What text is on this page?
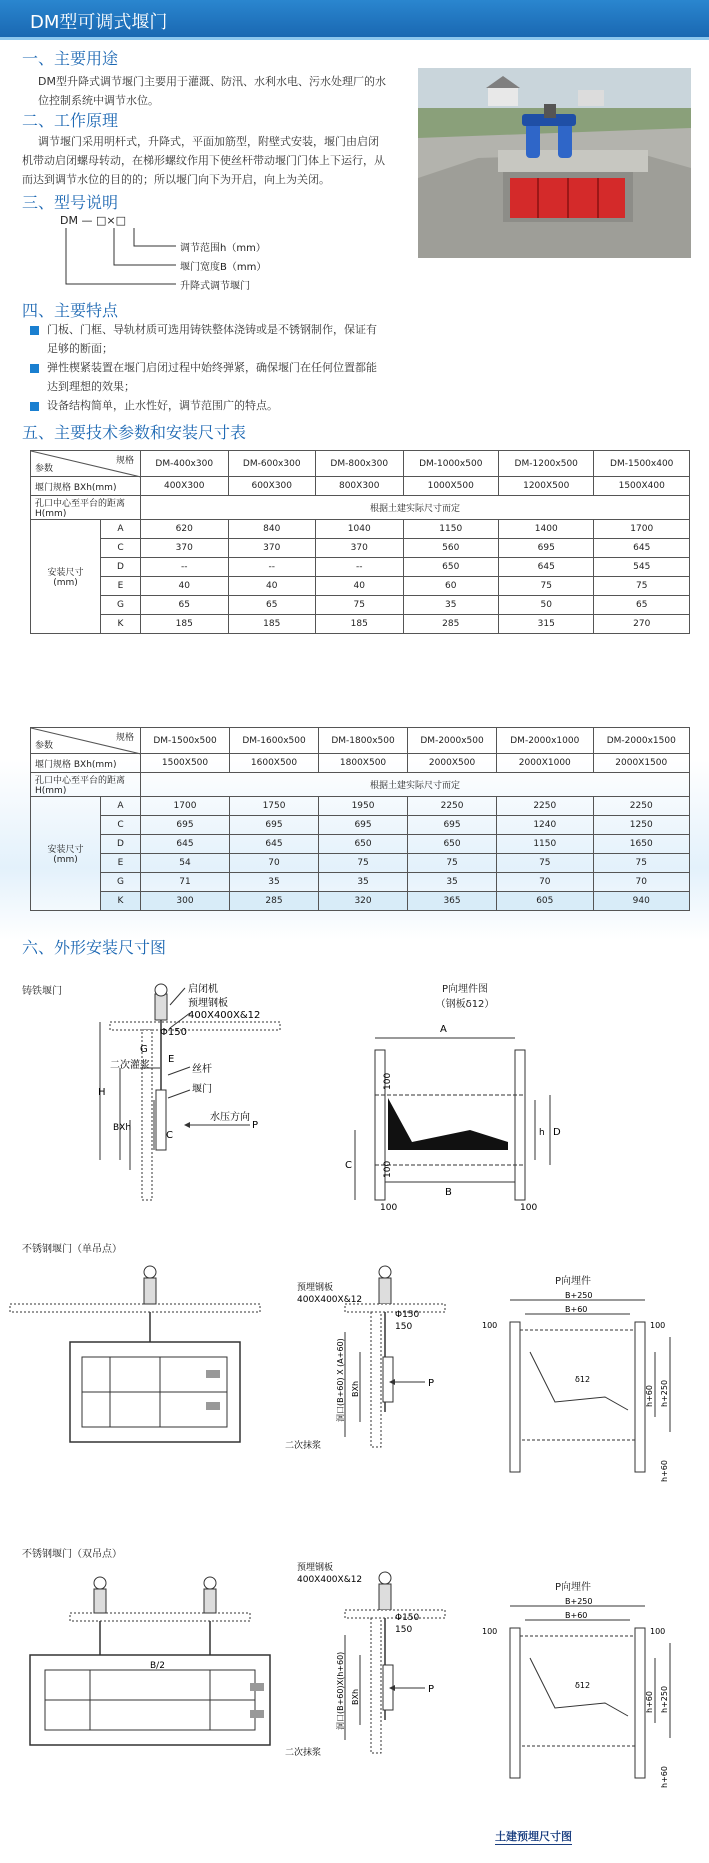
DM型可调式堰门
一、主要用途
DM型升降式调节堰门主要用于灌溉、防汛、水利水电、污水处理厂的水
位控制系统中调节水位。
二、工作原理
调节堰门采用明杆式，升降式，平面加筋型，附壁式安装，堰门由启闭
机带动启闭螺母转动，在梯形螺纹作用下使丝杆带动堰门门体上下运行，从
而达到调节水位的目的的；所以堰门向下为开启，向上为关闭。
三、型号说明
DM — □×□
调节范围h（mm）
堰门宽度B（mm）
升降式调节堰门
四、主要特点
门板、门框、导轨材质可选用铸铁整体浇铸或是不锈钢制作，保证有
足够的断面；
弹性楔紧装置在堰门启闭过程中始终弹紧，确保堰门在任何位置都能
达到理想的效果；
设备结构简单，止水性好，调节范围广的特点。
五、主要技术参数和安装尺寸表
规格
参数		DM-400x300	DM-600x300	DM-800x300	DM-1000x500	DM-1200x500	DM-1500x400
堰门规格 BXh(mm)		400X300	600X300	800X300	1000X500	1200X500	1500X400
孔口中心至平台的距离H(mm)		根据土建实际尺寸而定					

安装尺寸
(mm)	A	620	840	1040	1150	1400	1700
	C	370	370	370	560	695	645
	D	--	--	--	650	645	545
	E	40	40	40	60	75	75
	G	65	65	75	35	50	65
	K	185	185	185	285	315	270
规格
参数		DM-1500x500	DM-1600x500	DM-1800x500	DM-2000x500	DM-2000x1000	DM-2000x1500
堰门规格 BXh(mm)		1500X500	1600X500	1800X500	2000X500	2000X1000	2000X1500
孔口中心至平台的距离H(mm)		根据土建实际尺寸而定					

安装尺寸
(mm)	A	1700	1750	1950	2250	2250	2250
	C	695	695	695	695	1240	1250
	D	645	645	650	650	1150	1650
	E	54	70	75	75	75	75
	G	71	35	35	35	70	70
	K	300	285	320	365	605	940
六、外形安装尺寸图
铸铁堰门	启闭机
预埋钢板
400X400X&12
Φ150
二次灌浆
E
G
丝杆
堰门
水压方向
P
H
BXh
C
P向埋件图
（钢板δ12）
A
h D
C
B
100
100
100	100
不锈钢堰门（单吊点）
P
预埋钢板
400X400X&12
Φ150
150
洞口(B+60) X (A+60) BXh
二次抹浆
P向埋件
B+250
B+60
δ12
100	100
h+60 h+250
h+60
不锈钢堰门（双吊点）
B/2
P
预埋钢板
400X400X&12
Φ150
150
洞口(B+60)X(h+60) BXh
二次抹浆
P向埋件
B+250
B+60
δ12
100	100
h+60 h+250
h+60
土建预埋尺寸图
